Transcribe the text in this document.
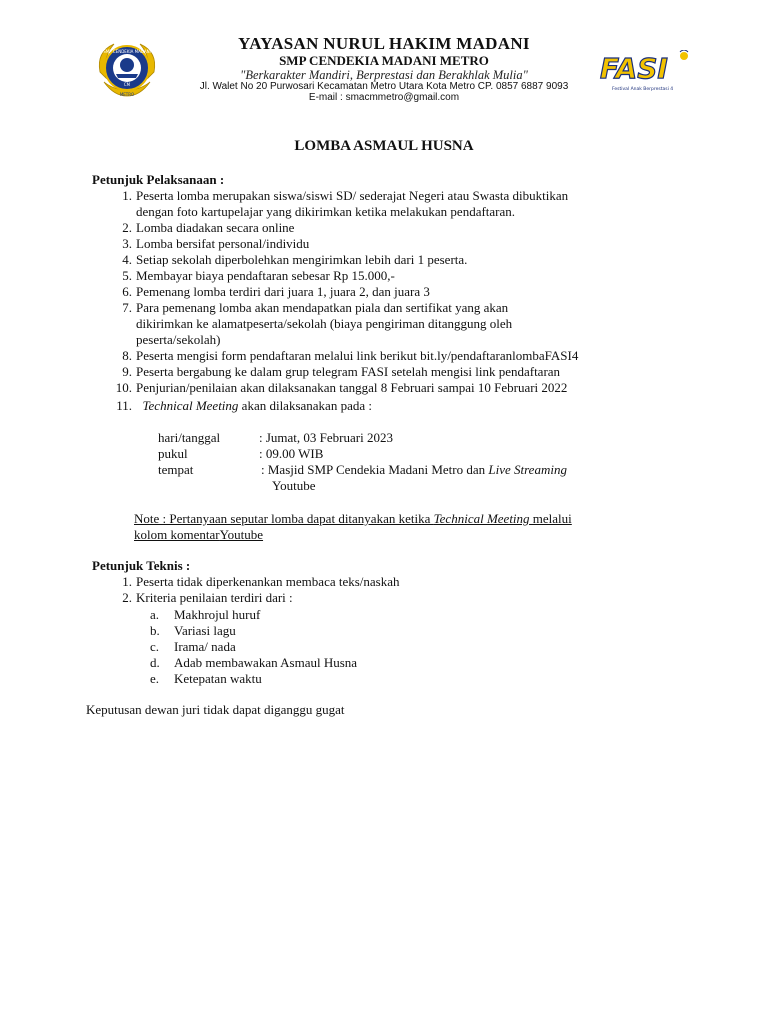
SMP CENDEKIA MADANI
CM
METRO
YAYASAN NURUL HAKIM MADANI
SMP CENDEKIA MADANI METRO
"Berkarakter Mandiri, Berprestasi dan Berakhlak Mulia"
Jl. Walet No 20 Purwosari Kecamatan Metro Utara Kota Metro CP. 0857 6887 9093
E-mail : smacmmetro@gmail.com
FASI
Festival Anak Berprestasi 4
LOMBA ASMAUL HUSNA
Petunjuk Pelaksanaan :
1. Peserta lomba merupakan siswa/siswi SD/ sederajat Negeri atau Swasta dibuktikan
dengan foto kartupelajar yang dikirimkan ketika melakukan pendaftaran.
2. Lomba diadakan secara online
3. Lomba bersifat personal/individu
4. Setiap sekolah diperbolehkan mengirimkan lebih dari 1 peserta.
5. Membayar biaya pendaftaran sebesar Rp 15.000,-
6. Pemenang lomba terdiri dari juara 1, juara 2, dan juara 3
7. Para pemenang lomba akan mendapatkan piala dan sertifikat yang akan
dikirimkan ke alamatpeserta/sekolah (biaya pengiriman ditanggung oleh
peserta/sekolah)
8. Peserta mengisi form pendaftaran melalui link berikut bit.ly/pendaftaranlombaFASI4
9. Peserta bergabung ke dalam grup telegram FASI setelah mengisi link pendaftaran
10. Penjurian/penilaian akan dilaksanakan tanggal 8 Februari sampai 10 Februari 2022
11. Technical Meeting akan dilaksanakan pada :
hari/tanggal	: Jumat, 03 Februari 2023
pukul	: 09.00 WIB
tempat	: Masjid SMP Cendekia Madani Metro dan Live Streaming
Youtube
Note : Pertanyaan seputar lomba dapat ditanyakan ketika Technical Meeting melalui
kolom komentarYoutube
Petunjuk Teknis :
1. Peserta tidak diperkenankan membaca teks/naskah
2. Kriteria penilaian terdiri dari :
a. Makhrojul huruf
b. Variasi lagu
c. Irama/ nada
d. Adab membawakan Asmaul Husna
e. Ketepatan waktu
Keputusan dewan juri tidak dapat diganggu gugat
